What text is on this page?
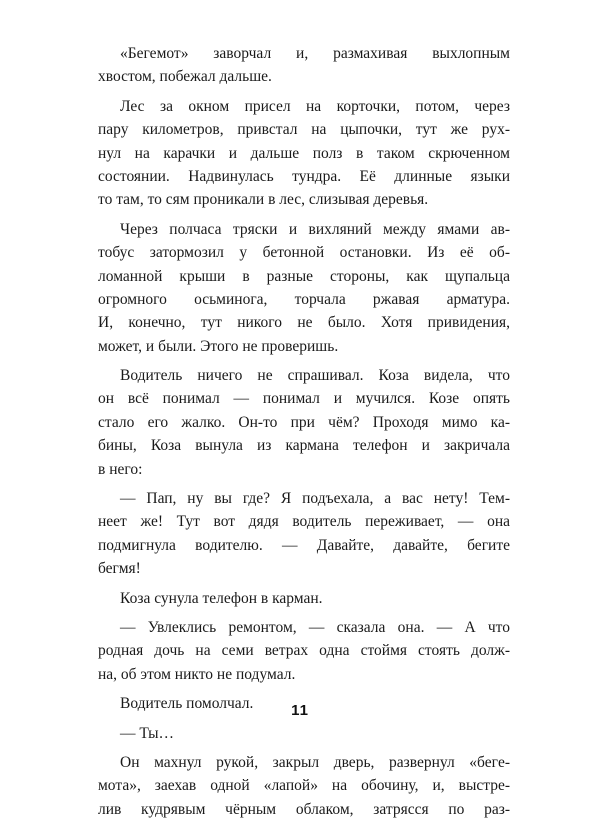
«Бегемот» заворчал и, размахивая выхлопным
хвостом, побежал дальше.

Лес за окном присел на корточки, потом, через
пару километров, привстал на цыпочки, тут же рух-
нул на карачки и дальше полз в таком скрюченном
состоянии. Надвинулась тундра. Её длинные языки
то там, то сям проникали в лес, слизывая деревья.

Через полчаса тряски и вихляний между ямами ав-
тобус затормозил у бетонной остановки. Из её об-
ломанной крыши в разные стороны, как щупальца
огромного осьминога, торчала ржавая арматура.
И, конечно, тут никого не было. Хотя привидения,
может, и были. Этого не проверишь.

Водитель ничего не спрашивал. Коза видела, что
он всё понимал — понимал и мучился. Козе опять
стало его жалко. Он-то при чём? Проходя мимо ка-
бины, Коза вынула из кармана телефон и закричала
в него:

— Пап, ну вы где? Я подъехала, а вас нету! Тем-
неет же! Тут вот дядя водитель переживает, — она
подмигнула водителю. — Давайте, давайте, бегите
бегмя!

Коза сунула телефон в карман.

— Увлеклись ремонтом, — сказала она. — А что
родная дочь на семи ветрах одна стоймя стоять долж-
на, об этом никто не подумал.

Водитель помолчал.

— Ты…

Он махнул рукой, закрыл дверь, развернул «бегe-
мота», заехав одной «лапой» на обочину, и, выстре-
лив кудрявым чёрным облаком, затрясся по раз-

11
